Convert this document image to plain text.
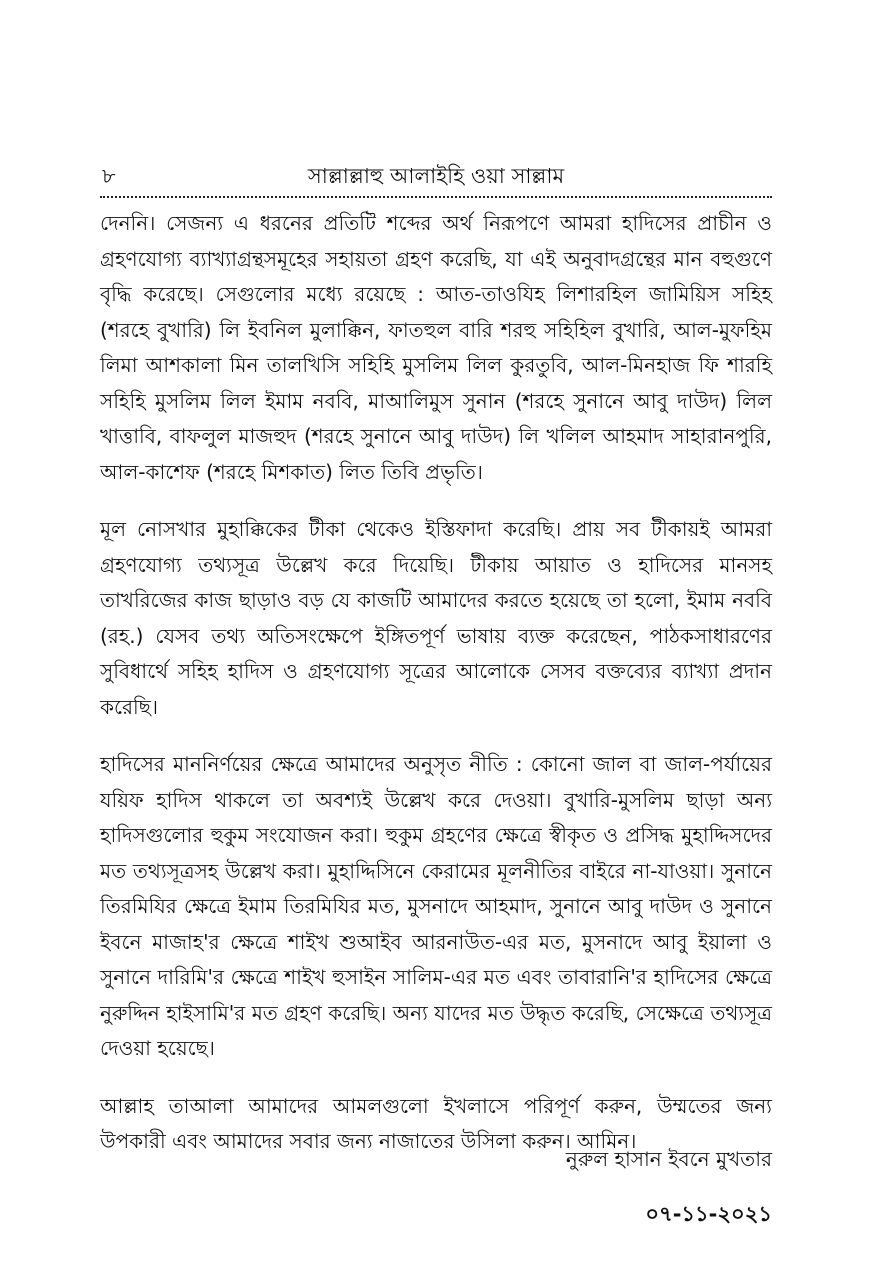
৮	সাল্লাল্লাহু আলাইহি ওয়া সাল্লাম

দেননি। সেজন্য এ ধরনের প্রতিটি শব্দের অর্থ নিরূপণে আমরা হাদিসের প্রাচীন ও গ্রহণযোগ্য ব্যাখ্যাগ্রন্থসমূহের সহায়তা গ্রহণ করেছি, যা এই অনুবাদগ্রন্থের মান বহুগুণে বৃদ্ধি করেছে। সেগুলোর মধ্যে রয়েছে : আত-তাওযিহ লিশারহিল জামিয়িস সহিহ (শরহে বুখারি) লি ইবনিল মুলাক্কিন, ফাতহুল বারি শরহু সহিহিল বুখারি, আল-মুফহিম লিমা আশকালা মিন তালখিসি সহিহি মুসলিম লিল কুরতুবি, আল-মিনহাজ ফি শারহি সহিহি মুসলিম লিল ইমাম নববি, মাআলিমুস সুনান (শরহে সুনানে আবু দাউদ) লিল খাত্তাবি, বাফলুল মাজহুদ (শরহে সুনানে আবু দাউদ) লি খলিল আহমাদ সাহারানপুরি, আল-কাশেফ (শরহে মিশকাত) লিত তিবি প্রভৃতি।

মূল নোসখার মুহাক্কিকের টীকা থেকেও ইস্তিফাদা করেছি। প্রায় সব টীকায়ই আমরা গ্রহণযোগ্য তথ্যসূত্র উল্লেখ করে দিয়েছি। টীকায় আয়াত ও হাদিসের মানসহ তাখরিজের কাজ ছাড়াও বড় যে কাজটি আমাদের করতে হয়েছে তা হলো, ইমাম নববি (রহ.) যেসব তথ্য অতিসংক্ষেপে ইঙ্গিতপূর্ণ ভাষায় ব্যক্ত করেছেন, পাঠকসাধারণের সুবিধার্থে সহিহ হাদিস ও গ্রহণযোগ্য সূত্রের আলোকে সেসব বক্তব্যের ব্যাখ্যা প্রদান করেছি।

হাদিসের মাননির্ণয়ের ক্ষেত্রে আমাদের অনুসৃত নীতি : কোনো জাল বা জাল-পর্যায়ের যয়িফ হাদিস থাকলে তা অবশ্যই উল্লেখ করে দেওয়া। বুখারি-মুসলিম ছাড়া অন্য হাদিসগুলোর হুকুম সংযোজন করা। হুকুম গ্রহণের ক্ষেত্রে স্বীকৃত ও প্রসিদ্ধ মুহাদ্দিসদের মত তথ্যসূত্রসহ উল্লেখ করা। মুহাদ্দিসিনে কেরামের মূলনীতির বাইরে না-যাওয়া। সুনানে তিরমিযির ক্ষেত্রে ইমাম তিরমিযির মত, মুসনাদে আহমাদ, সুনানে আবু দাউদ ও সুনানে ইবনে মাজাহ'র ক্ষেত্রে শাইখ শুআইব আরনাউত-এর মত, মুসনাদে আবু ইয়ালা ও সুনানে দারিমি'র ক্ষেত্রে শাইখ হুসাইন সালিম-এর মত এবং তাবারানি'র হাদিসের ক্ষেত্রে নুরুদ্দিন হাইসামি'র মত গ্রহণ করেছি। অন্য যাদের মত উদ্ধৃত করেছি, সেক্ষেত্রে তথ্যসূত্র দেওয়া হয়েছে।

আল্লাহ তাআলা আমাদের আমলগুলো ইখলাসে পরিপূর্ণ করুন, উম্মতের জন্য উপকারী এবং আমাদের সবার জন্য নাজাতের উসিলা করুন। আমিন।

নুরুল হাসান ইবনে মুখতার
০৭-১১-২০২১
